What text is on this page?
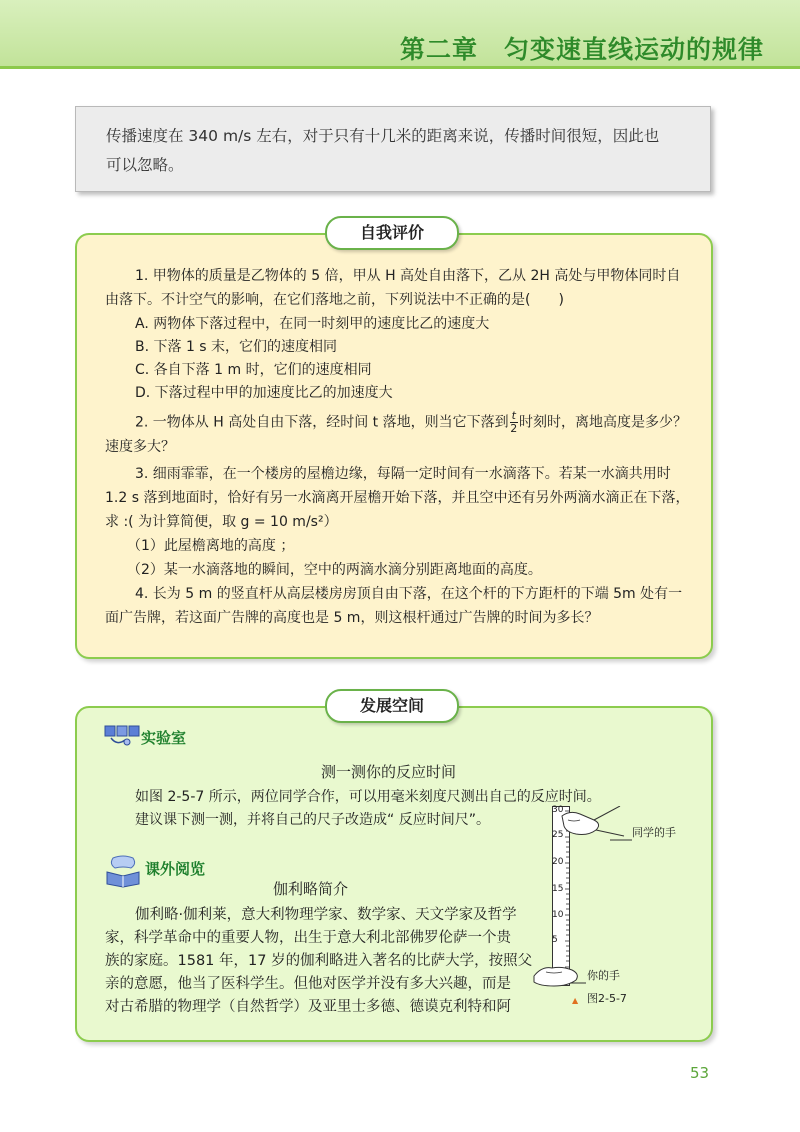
第二章　匀变速直线运动的规律
传播速度在 340 m/s 左右，对于只有十几米的距离来说，传播时间很短，因此也
可以忽略。
自我评价
1. 甲物体的质量是乙物体的 5 倍，甲从 H 高处自由落下，乙从 2H 高处与甲物体同时自
由落下。不计空气的影响，在它们落地之前，下列说法中不正确的是(　　)
A. 两物体下落过程中，在同一时刻甲的速度比乙的速度大
B. 下落 1 s 末，它们的速度相同
C. 各自下落 1 m 时，它们的速度相同
D. 下落过程中甲的加速度比乙的加速度大
2. 一物体从 H 高处自由下落，经时间 t 落地，则当它下落到 $\frac{t}{2}$ 时刻时，离地高度是多少？
速度多大？
3. 细雨霏霏，在一个楼房的屋檐边缘，每隔一定时间有一水滴落下。若某一水滴共用时
1.2 s 落到地面时，恰好有另一水滴离开屋檐开始下落，并且空中还有另外两滴水滴正在下落，
求 :( 为计算简便，取 g = 10 m/s²）
（1）此屋檐离地的高度 ；
（2）某一水滴落地的瞬间，空中的两滴水滴分别距离地面的高度。
4. 长为 5 m 的竖直杆从高层楼房房顶自由下落，在这个杆的下方距杆的下端 5m 处有一
面广告牌，若这面广告牌的高度也是 5 m，则这根杆通过广告牌的时间为多长？
发展空间
实验室
测一测你的反应时间
如图 2-5-7 所示，两位同学合作，可以用毫米刻度尺测出自己的反应时间。
建议课下测一测，并将自己的尺子改造成“ 反应时间尺”。
课外阅览
伽利略简介
伽利略·伽利莱，意大利物理学家、数学家、天文学家及哲学
家，科学革命中的重要人物，出生于意大利北部佛罗伦萨一个贵
族的家庭。1581 年，17 岁的伽利略进入著名的比萨大学，按照父
亲的意愿，他当了医科学生。但他对医学并没有多大兴趣，而是
对古希腊的物理学（自然哲学）及亚里士多德、德谟克利特和阿
30
25
20
15
10
5
同学的手
你的手
▲ 图2-5-7
53
